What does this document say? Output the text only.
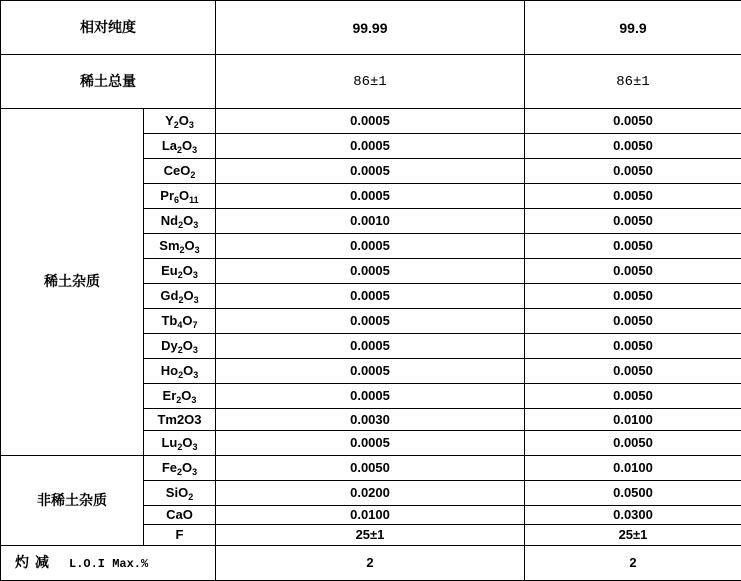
相对纯度		99.99	99.9
稀土总量		86±1	86±1
稀土杂质	$Y_2O_3$	0.0005	0.0050
	$La_2O_3$	0.0005	0.0050
	CeO$_2$	0.0005	0.0050
	$Pr_6O_{11}$	0.0005	0.0050
	$Nd_2O_3$	0.0010	0.0050
	$Sm_2O_3$	0.0005	0.0050
	$Eu_2O_3$	0.0005	0.0050
	$Gd_2O_3$	0.0005	0.0050
	$Tb_4O_7$	0.0005	0.0050
	$Dy_2O_3$	0.0005	0.0050
	$Ho_2O_3$	0.0005	0.0050
	$Er_2O_3$	0.0005	0.0050
	Tm2O3	0.0030	0.0100
	$Lu_2O_3$	0.0005	0.0050
非稀土杂质	$Fe_2O_3$	0.0050	0.0100
	SiO$_2$	0.0200	0.0500
	CaO	0.0100	0.0300
	F	25±1	25±1
灼减 L.O.I Max.%		2	2
